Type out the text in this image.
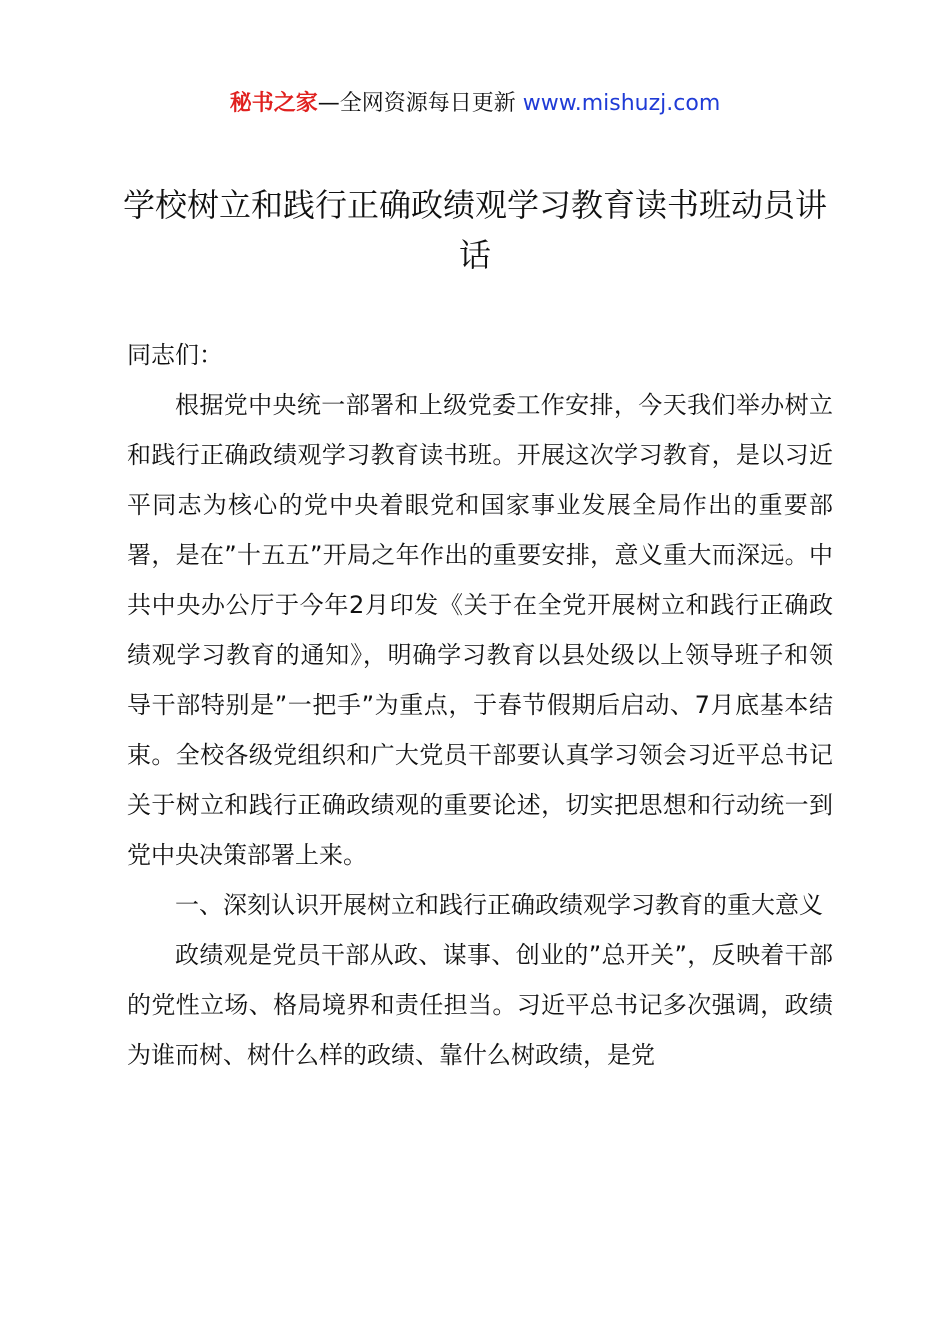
秘书之家—全网资源每日更新 www.mishuzj.com
学校树立和践行正确政绩观学习教育读书班动员讲话

同志们：

根据党中央统一部署和上级党委工作安排，今天我们举办树立和践行正确政绩观学习教育读书班。开展这次学习教育，是以习近平同志为核心的党中央着眼党和国家事业发展全局作出的重要部署，是在”十五五”开局之年作出的重要安排，意义重大而深远。中共中央办公厅于今年2月印发《关于在全党开展树立和践行正确政绩观学习教育的通知》，明确学习教育以县处级以上领导班子和领导干部特别是”一把手”为重点，于春节假期后启动、7月底基本结束。全校各级党组织和广大党员干部要认真学习领会习近平总书记关于树立和践行正确政绩观的重要论述，切实把思想和行动统一到党中央决策部署上来。

一、深刻认识开展树立和践行正确政绩观学习教育的重大意义

政绩观是党员干部从政、谋事、创业的”总开关”，反映着干部的党性立场、格局境界和责任担当。习近平总书记多次强调，政绩为谁而树、树什么样的政绩、靠什么树政绩，是党
